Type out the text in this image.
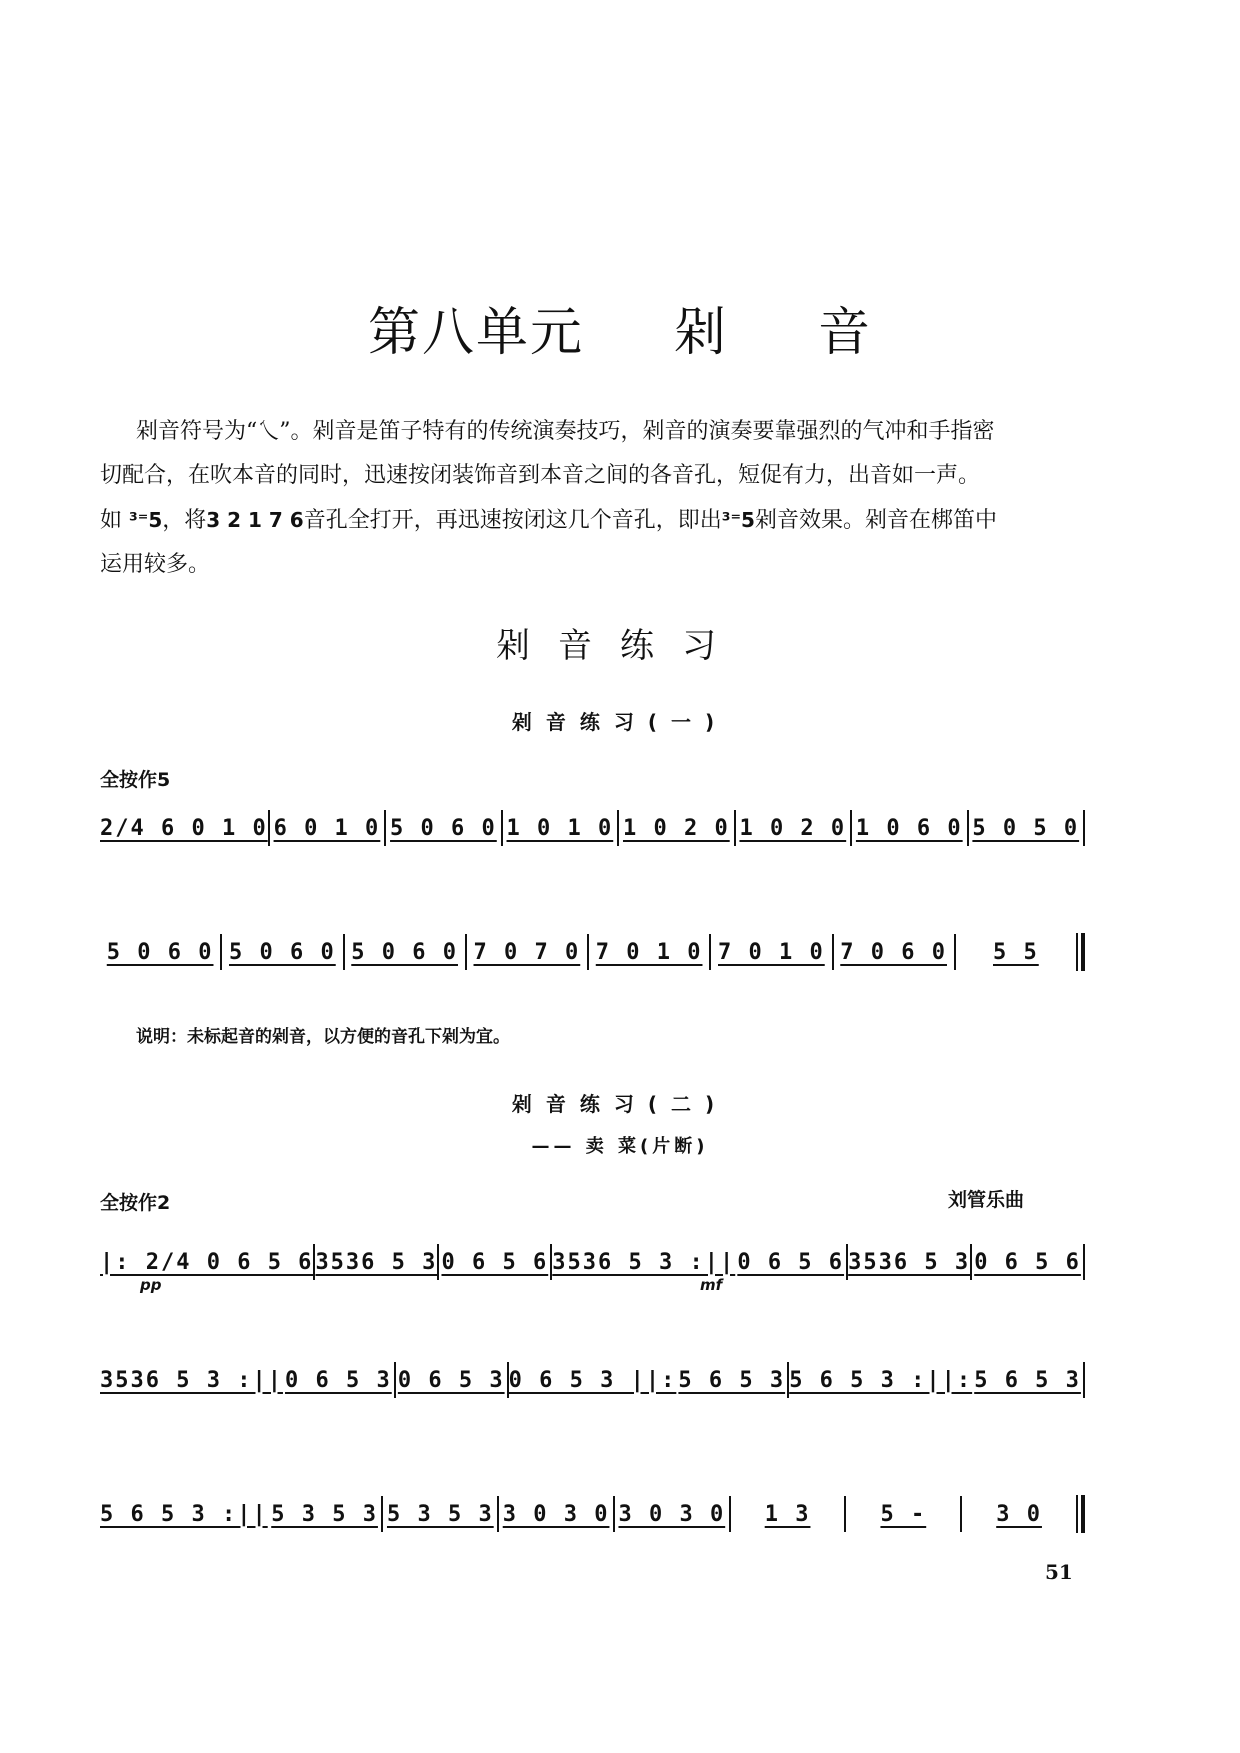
第八单元 剁 音

剁音符号为“乀”。剁音是笛子特有的传统演奏技巧，剁音的演奏要靠强烈的气冲和手指密

切配合，在吹本音的同时，迅速按闭装饰音到本音之间的各音孔，短促有力，出音如一声。

如 ³⁼5，将3 2 1 7 6音孔全打开，再迅速按闭这几个音孔，即出³⁼5剁音效果。剁音在梆笛中

运用较多。

剁音练习
剁音练习(一)
全按作5
2/4 6 0 1 0 6 0 1 0 5 0 6 0 1 0 1 0 1 0 2 0 1 0 2 0 1 0 6 0 5 0 5 0
5 0 6 0 5 0 6 0 5 0 6 0 7 0 7 0 7 0 1 0 7 0 1 0 7 0 6 0	5 5
说明：未标起音的剁音，以方便的音孔下剁为宜。
剁音练习(二)
—— 卖 菜(片断)
全按作2	刘管乐曲
|: 2/4 0 6 5 6 3536 5 3 0 6 5 6 3536 5 3 :|| 0 6 5 6 3536 5 3 0 6 5 6
pp	mf
3536 5 3 :|| 0 6 5 3 0 6 5 3 0 6 5 3 ||: 5 6 5 3 5 6 5 3 :||: 5 6 5 3
5 6 5 3 :|| 5 3 5 3 5 3 5 3 3 0 3 0 3 0 3 0	1 3	5 -	3 0
51
